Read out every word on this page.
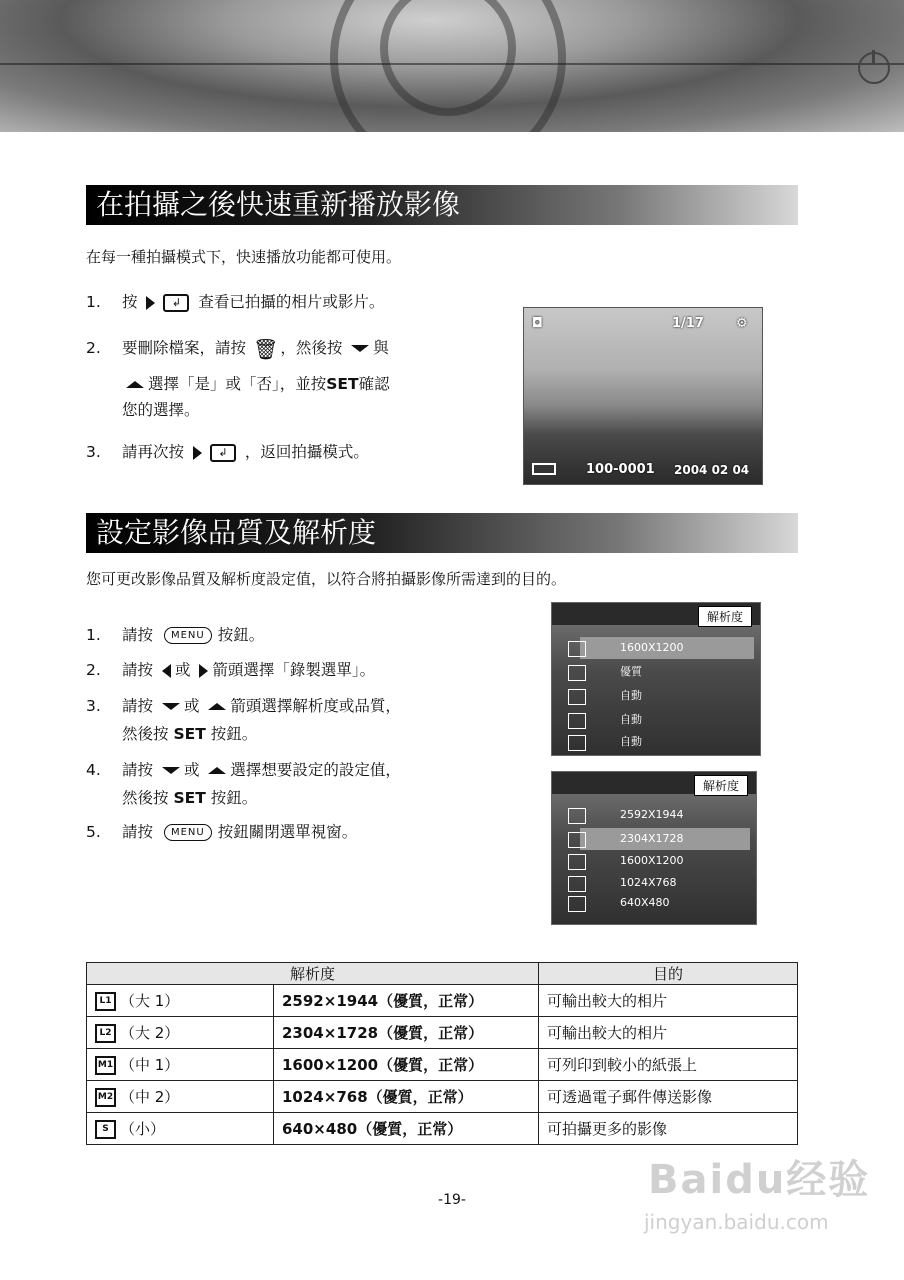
在拍攝之後快速重新播放影像
在每一種拍攝模式下，快速播放功能都可使用。
1. 按	↲ 查看已拍攝的相片或影片。
2. 要刪除檔案，請按 🗑 ，然後按 與
選擇「是」或「否」，並按SET確認
您的選擇。
3. 請再次按	↲ ，返回拍攝模式。
◘	1/17 ⚙
100-0001 2004 02 04
設定影像品質及解析度
您可更改影像品質及解析度設定值，以符合將拍攝影像所需達到的目的。
1. 請按 MENU 按鈕。
2. 請按 或 箭頭選擇「錄製選單」。
3. 請按 或 箭頭選擇解析度或品質，
然後按 SET 按鈕。
4. 請按 或 選擇想要設定的設定值，
然後按 SET 按鈕。
5. 請按 MENU 按鈕關閉選單視窗。
解析度
1600X1200
優質
自動
自動
自動
解析度
2592X1944
2304X1728
1600X1200
1024X768
640X480
解析度		目的
L1 （大 1）	2592×1944（優質，正常）	可輸出較大的相片
L2 （大 2）	2304×1728（優質，正常）	可輸出較大的相片
M1 （中 1）	1600×1200（優質，正常）	可列印到較小的紙張上
M2 （中 2）	1024×768（優質，正常）	可透過電子郵件傳送影像
S （小）	640×480（優質，正常）	可拍攝更多的影像
-19-	Baidu经验
jingyan.baidu.com
